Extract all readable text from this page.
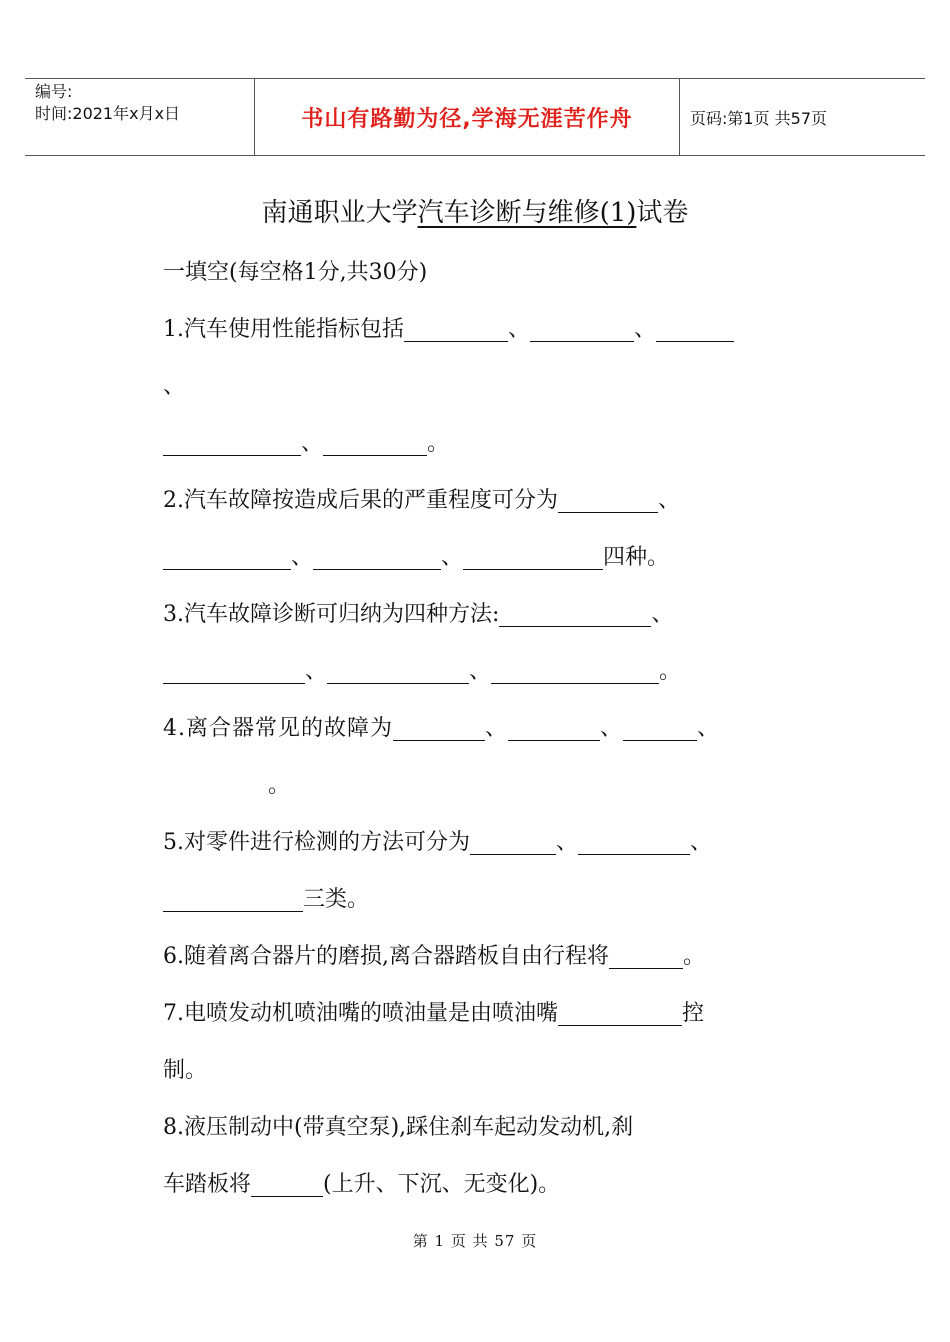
编号:
时间:2021年x月x日	书山有路勤为径,学海无涯苦作舟	页码:第1页 共57页
南通职业大学汽车诊断与维修(1)试卷
一填空(每空格1分,共30分)
1.汽车使用性能指标包括	、	、
、
、	。
2.汽车故障按造成后果的严重程度可分为	、
、	、	四种。
3.汽车故障诊断可归纳为四种方法:	、
、	、	。
4.离合器常见的故障为	、	、	、
。
5.对零件进行检测的方法可分为	、	、
三类。
6.随着离合器片的磨损,离合器踏板自由行程将	。
7.电喷发动机喷油嘴的喷油量是由喷油嘴	控
制。
8.液压制动中(带真空泵),踩住刹车起动发动机,刹
车踏板将	(上升、下沉、无变化)。
第 1 页 共 57 页
